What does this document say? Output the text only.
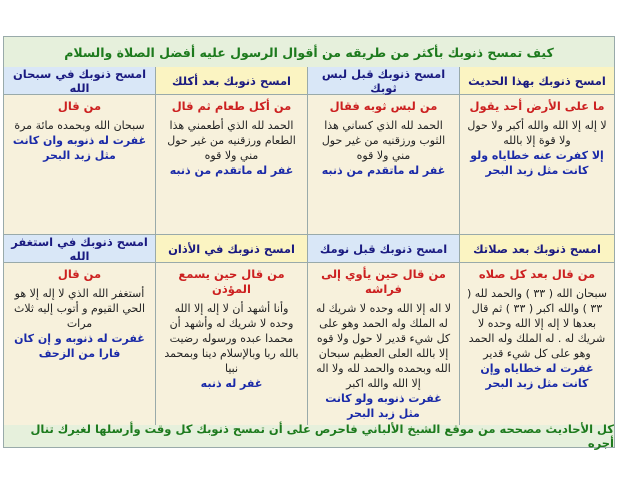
كيف تمسح ذنوبك بأكثر من طريقه من أقوال الرسول عليه أفضل الصلاة والسلام
امسح ذنوبك بهذا الحديث
امسح ذنوبك قبل لبس ثوبك
امسح ذنوبك بعد أكلك
امسح ذنوبك في سبحان الله
ما على الأرض أحد يقول
لا إله إلا الله والله أكبر ولا حول ولا قوة إلا بالله
إلا كفرت عنه خطاياه ولو كانت مثل زبد البحر
من لبس ثوبه فقال
الحمد لله الذي كساني هذا الثوب ورزقنيه من غير حول مني ولا قوه
غفر له ماتقدم من ذنبه
من أكل طعام ثم قال
الحمد لله الذي أطعمني هذا الطعام ورزقنيه من غير حول مني ولا قوه
غفر له ماتقدم من ذنبه
من قال
سبحان الله وبحمده مائة مرة
غفرت له ذنوبه وان كانت مثل زبد البحر
امسح ذنوبك بعد صلاتك
امسح ذنوبك قبل نومك
امسح ذنوبك في الأذان
امسح ذنوبك في استغفر الله
من قال بعد كل صلاه
سبحان الله ( ٣٣ ) والحمد لله ( ٣٣ ) والله اكبر ( ٣٣ ) ثم قال بعدها لا إله إلا الله وحده لا شريك له . له الملك وله الحمد وهو على كل شيء قدير
غفرت له خطاياه وإن كانت مثل زبد البحر
من قال حين يأوي إلى فراشه
لا اله إلا الله وحده لا شريك له له الملك وله الحمد وهو على كل شيء قدير لا حول ولا قوه إلا بالله العلى العظيم سبحان الله وبحمده والحمد لله ولا اله إلا الله والله اكبر
غفرت ذنوبه ولو كانت مثل زبد البحر
من قال حين يسمع المؤذن
وأنا أشهد أن لا إله إلا الله وحده لا شريك له وأشهد أن محمدا عبده ورسوله رضيت بالله ربا وبالإسلام دينا وبمحمد نبيا
غفر له ذنبه
من قال
أستغفر الله الذي لا إله إلا هو الحي القيوم و أتوب إليه ثلاث مرات
غفرت له ذنوبه و إن كان فارا من الزحف
كل الأحاديث مصححه من موقع الشيخ الألباني فاحرص على أن تمسح ذنوبك كل وقت وأرسلها لغيرك تنال أجره
